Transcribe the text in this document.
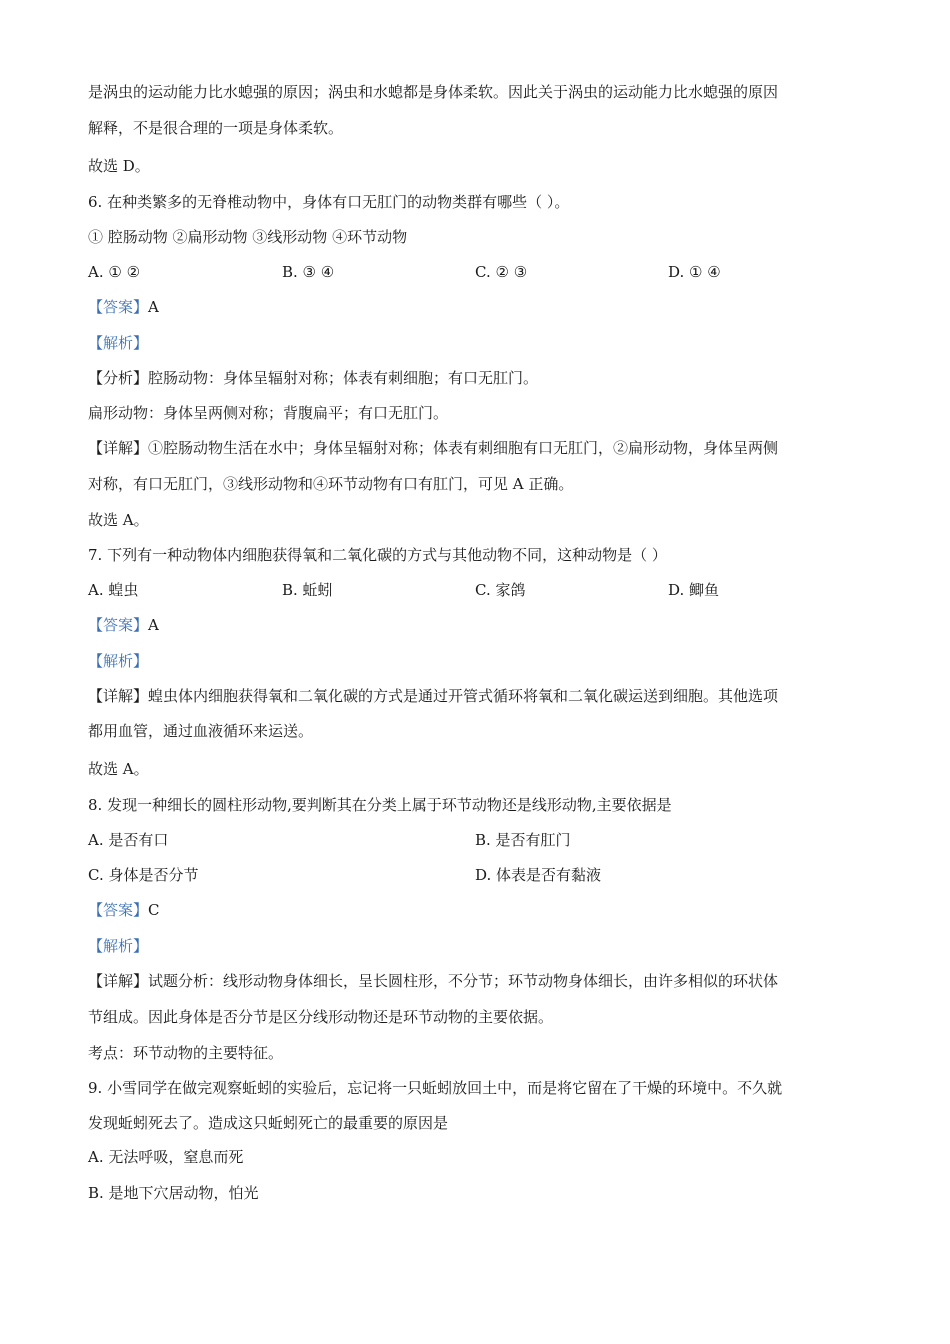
是涡虫的运动能力比水螅强的原因；涡虫和水螅都是身体柔软。因此关于涡虫的运动能力比水螅强的原因
解释，不是很合理的一项是身体柔软。
故选 D。
6. 在种类繁多的无脊椎动物中，身体有口无肛门的动物类群有哪些（ ）。
① 腔肠动物 ②扁形动物 ③线形动物 ④环节动物
A. ① ②	B. ③ ④	C. ② ③	D. ① ④
【答案】A
【解析】
【分析】腔肠动物：身体呈辐射对称；体表有刺细胞；有口无肛门。
扁形动物：身体呈两侧对称；背腹扁平；有口无肛门。
【详解】①腔肠动物生活在水中；身体呈辐射对称；体表有刺细胞有口无肛门，②扁形动物，身体呈两侧
对称，有口无肛门，③线形动物和④环节动物有口有肛门，可见 A 正确。
故选 A。
7. 下列有一种动物体内细胞获得氧和二氧化碳的方式与其他动物不同，这种动物是（ ）
A. 蝗虫	B. 蚯蚓	C. 家鸽	D. 鲫鱼
【答案】A
【解析】
【详解】蝗虫体内细胞获得氧和二氧化碳的方式是通过开管式循环将氧和二氧化碳运送到细胞。其他选项
都用血管，通过血液循环来运送。
故选 A。
8. 发现一种细长的圆柱形动物,要判断其在分类上属于环节动物还是线形动物,主要依据是
A. 是否有口	B. 是否有肛门
C. 身体是否分节	D. 体表是否有黏液
【答案】C
【解析】
【详解】试题分析：线形动物身体细长，呈长圆柱形，不分节；环节动物身体细长，由许多相似的环状体
节组成。因此身体是否分节是区分线形动物还是环节动物的主要依据。
考点：环节动物的主要特征。
9. 小雪同学在做完观察蚯蚓的实验后，忘记将一只蚯蚓放回土中，而是将它留在了干燥的环境中。不久就
发现蚯蚓死去了。造成这只蚯蚓死亡的最重要的原因是
A. 无法呼吸，窒息而死
B. 是地下穴居动物，怕光
